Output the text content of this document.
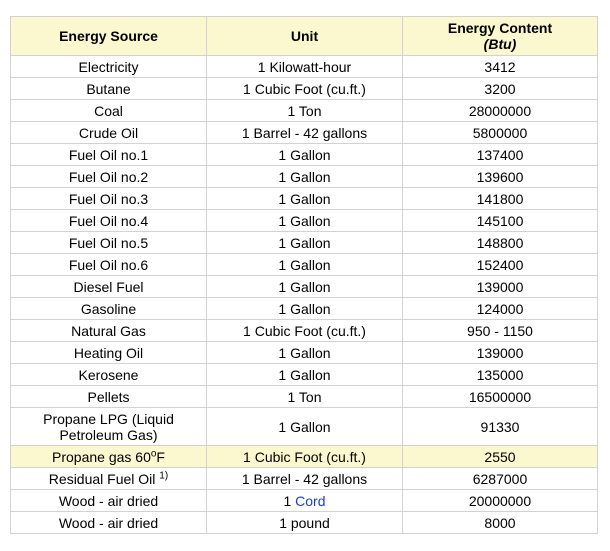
Energy Source	Unit	Energy Content
(Btu)
Electricity	1 Kilowatt-hour	3412
Butane	1 Cubic Foot (cu.ft.)	3200
Coal	1 Ton	28000000
Crude Oil	1 Barrel - 42 gallons	5800000
Fuel Oil no.1	1 Gallon	137400
Fuel Oil no.2	1 Gallon	139600
Fuel Oil no.3	1 Gallon	141800
Fuel Oil no.4	1 Gallon	145100
Fuel Oil no.5	1 Gallon	148800
Fuel Oil no.6	1 Gallon	152400
Diesel Fuel	1 Gallon	139000
Gasoline	1 Gallon	124000
Natural Gas	1 Cubic Foot (cu.ft.)	950 - 1150
Heating Oil	1 Gallon	139000
Kerosene	1 Gallon	135000
Pellets	1 Ton	16500000
Propane LPG (Liquid
Petroleum Gas)	1 Gallon	91330
Propane gas 60$^o$F	1 Cubic Foot (cu.ft.)	2550
Residual Fuel Oil $^{1)}$	1 Barrel - 42 gallons	6287000
Wood - air dried	1 Cord	20000000
Wood - air dried	1 pound	8000
